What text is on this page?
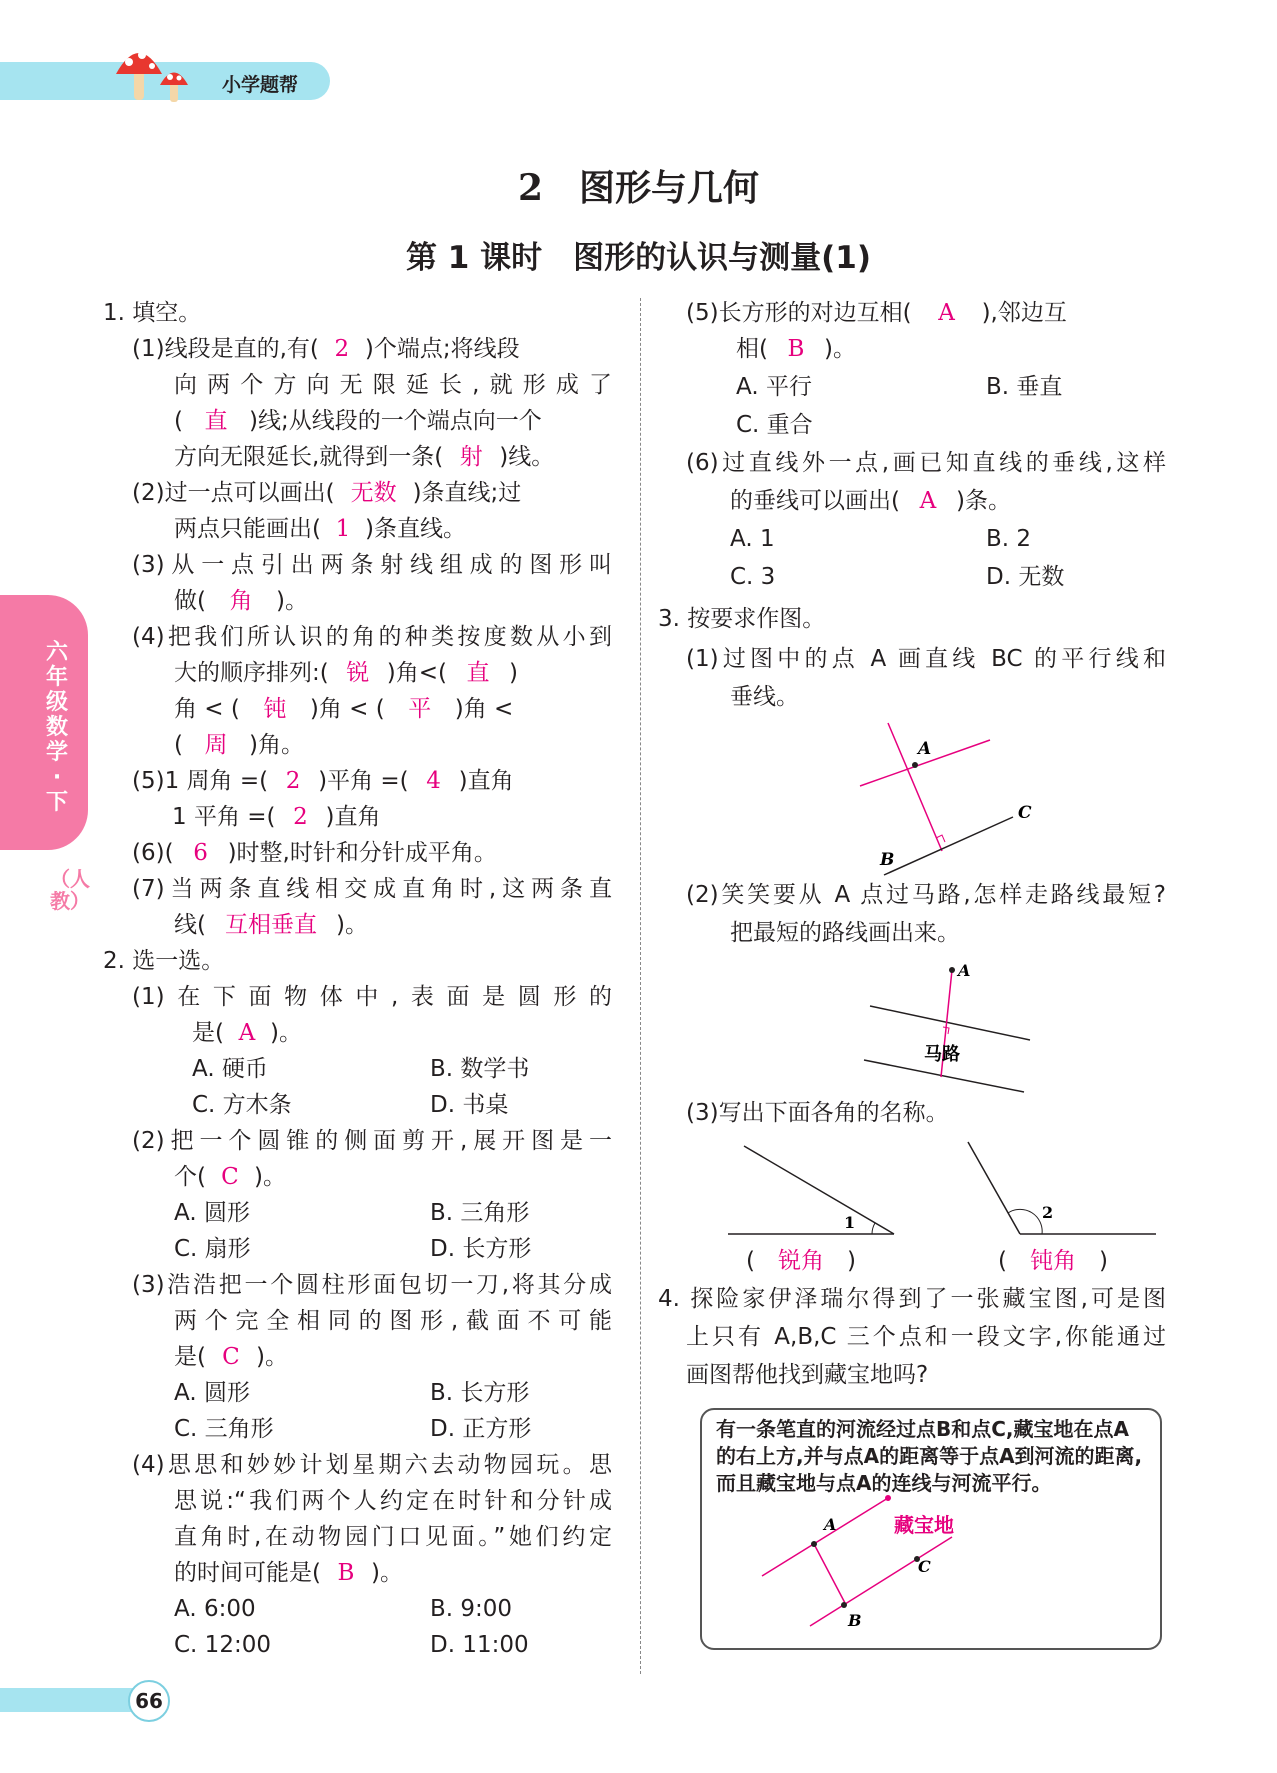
小学题帮
六年级数学·下
（人教）
2　图形与几何
第 1 课时　图形的认识与测量(1)
1. 填空。
(1)线段是直的,有( 2 )个端点;将线段
向两个方向无限延长,就形成了
( 直 )线;从线段的一个端点向一个
方向无限延长,就得到一条( 射 )线。
(2)过一点可以画出( 无数 )条直线;过
两点只能画出( 1 )条直线。
(3)从一点引出两条射线组成的图形叫
做( 角 )。
(4)把我们所认识的角的种类按度数从小到
大的顺序排列:( 锐 )角<( 直 )
角 < ( 钝 )角 < ( 平 )角 <
( 周 )角。
(5)1 周角 =( 2 )平角 =( 4 )直角
1 平角 =( 2 )直角
(6)( 6 )时整,时针和分针成平角。
(7)当两条直线相交成直角时,这两条直
线( 互相垂直 )。
2. 选一选。
(1)在下面物体中,表面是圆形的
是( A )。
A. 硬币	B. 数学书
C. 方木条	D. 书桌
(2)把一个圆锥的侧面剪开,展开图是一
个( C )。
A. 圆形	B. 三角形
C. 扇形	D. 长方形
(3)浩浩把一个圆柱形面包切一刀,将其分成
两个完全相同的图形,截面不可能
是( C )。
A. 圆形	B. 长方形
C. 三角形	D. 正方形
(4)思思和妙妙计划星期六去动物园玩。思
思说:“我们两个人约定在时针和分针成
直角时,在动物园门口见面。”她们约定
的时间可能是( B )。
A. 6:00	B. 9:00
C. 12:00	D. 11:00
(5)长方形的对边互相( A ),邻边互
相( B )。
A. 平行	B. 垂直
C. 重合
(6)过直线外一点,画已知直线的垂线,这样
的垂线可以画出( A )条。
A. 1	B. 2
C. 3	D. 无数
3. 按要求作图。
(1)过图中的点 A 画直线 BC 的平行线和
垂线。
A
C
B
(2)笑笑要从 A 点过马路,怎样走路线最短?
把最短的路线画出来。
A
马路
(3)写出下面各角的名称。
1
2
( 锐角 )	( 钝角 )
4. 探险家伊泽瑞尔得到了一张藏宝图,可是图
上只有 A,B,C 三个点和一段文字,你能通过
画图帮他找到藏宝地吗?
有一条笔直的河流经过点B和点C,藏宝地在点A的右上方,并与点A的距离等于点A到河流的距离,而且藏宝地与点A的连线与河流平行。
A
C
B
藏宝地
66
